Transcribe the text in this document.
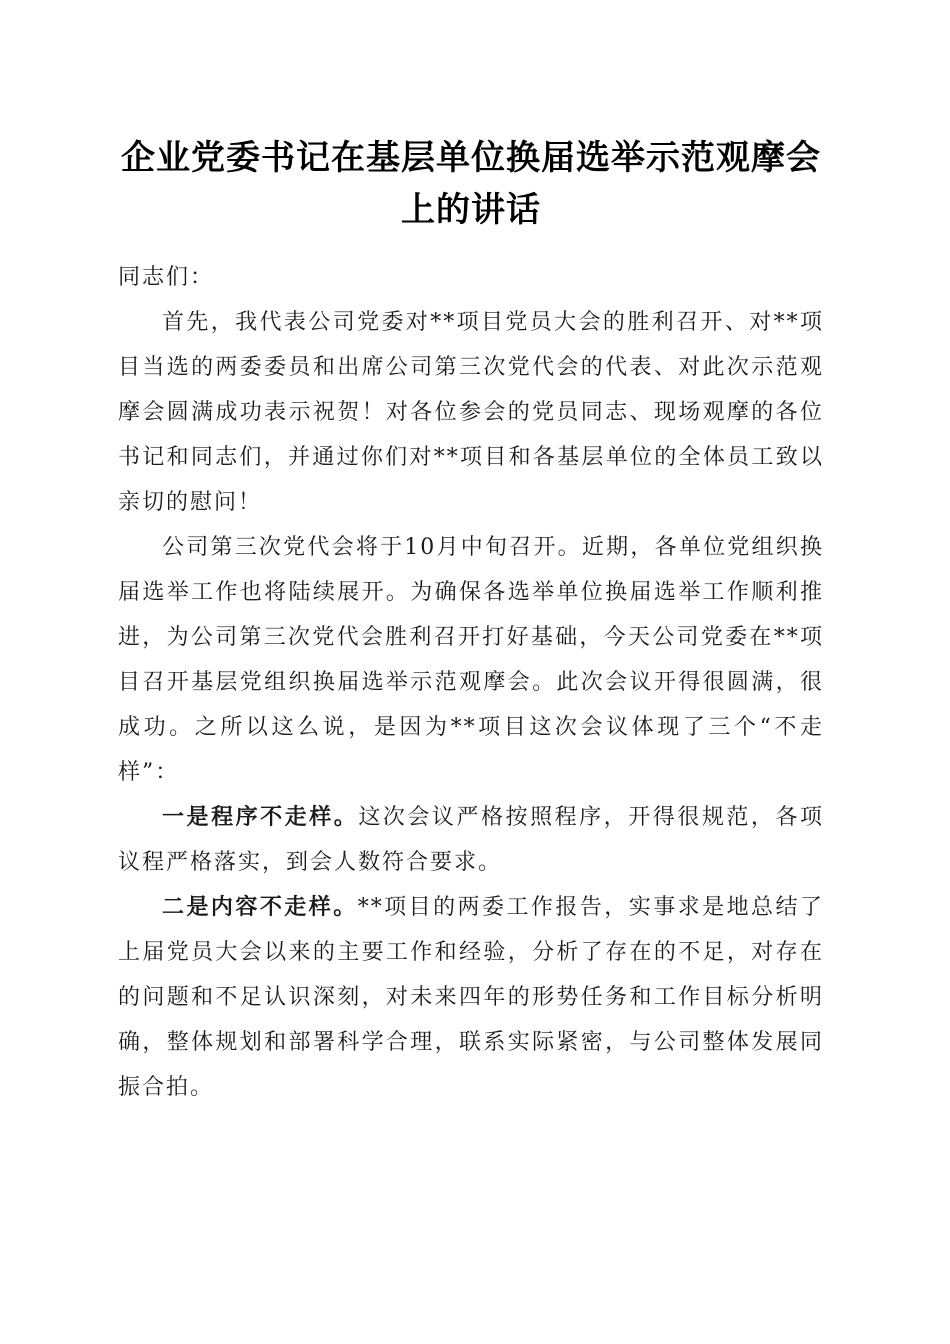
企业党委书记在基层单位换届选举示范观摩会上的讲话

同志们：

首先，我代表公司党委对**项目党员大会的胜利召开、对**项目当选的两委委员和出席公司第三次党代会的代表、对此次示范观摩会圆满成功表示祝贺！对各位参会的党员同志、现场观摩的各位书记和同志们，并通过你们对**项目和各基层单位的全体员工致以亲切的慰问！

公司第三次党代会将于10月中旬召开。近期，各单位党组织换届选举工作也将陆续展开。为确保各选举单位换届选举工作顺利推进，为公司第三次党代会胜利召开打好基础，今天公司党委在**项目召开基层党组织换届选举示范观摩会。此次会议开得很圆满，很成功。之所以这么说，是因为**项目这次会议体现了三个“不走样”：

一是程序不走样。这次会议严格按照程序，开得很规范，各项议程严格落实，到会人数符合要求。

二是内容不走样。**项目的两委工作报告，实事求是地总结了上届党员大会以来的主要工作和经验，分析了存在的不足，对存在的问题和不足认识深刻，对未来四年的形势任务和工作目标分析明确，整体规划和部署科学合理，联系实际紧密，与公司整体发展同振合拍。
